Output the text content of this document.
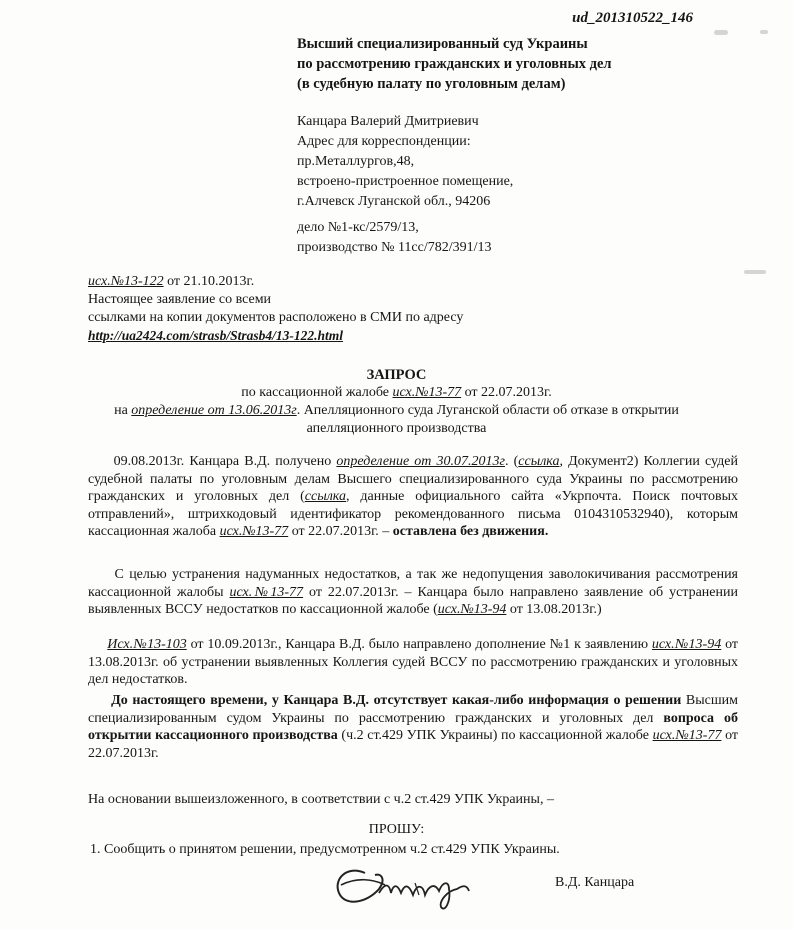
ud_201310522_146
Высший специализированный суд Украины
по рассмотрению гражданских и уголовных дел
(в судебную палату по уголовным делам)
Канцара Валерий Дмитриевич
Адрес для корреспонденции:
пр.Металлургов,48,
встроено-пристроенное помещение,
г.Алчевск Луганской обл., 94206
дело №1-кс/2579/13,
производство № 11сс/782/391/13
исх.№13-122 от 21.10.2013г.
Настоящее заявление со всеми
ссылками на копии документов расположено в СМИ по адресу
http://ua2424.com/strasb/Strasb4/13-122.html
ЗАПРОС
по кассационной жалобе исх.№13-77 от 22.07.2013г.
на определение от 13.06.2013г. Апелляционного суда Луганской области об отказе в открытии
апелляционного производства
09.08.2013г. Канцара В.Д. получено определение от 30.07.2013г. (ссылка, Документ2) Коллегии судей судебной палаты по уголовным делам Высшего специализированного суда Украины по рассмотрению гражданских и уголовных дел (ссылка, данные официального сайта «Укрпочта. Поиск почтовых отправлений», штрихкодовый идентификатор рекомендованного письма 0104310532940), которым кассационная жалоба исх.№13-77 от 22.07.2013г. – оставлена без движения.
С целью устранения надуманных недостатков, а так же недопущения заволокичивания рассмотрения кассационной жалобы исх.№13-77 от 22.07.2013г. – Канцара было направлено заявление об устранении выявленных ВССУ недостатков по кассационной жалобе (исх.№13-94 от 13.08.2013г.)
Исх.№13-103 от 10.09.2013г., Канцара В.Д. было направлено дополнение №1 к заявлению исх.№13-94 от 13.08.2013г. об устранении выявленных Коллегия судей ВССУ по рассмотрению гражданских и уголовных дел недостатков.
До настоящего времени, у Канцара В.Д. отсутствует какая-либо информация о решении Высшим специализированным судом Украины по рассмотрению гражданских и уголовных дел вопроса об открытии кассационного производства (ч.2 ст.429 УПК Украины) по кассационной жалобе исх.№13-77 от 22.07.2013г.
На основании вышеизложенного, в соответствии с ч.2 ст.429 УПК Украины, –
ПРОШУ:
1. Сообщить о принятом решении, предусмотренном ч.2 ст.429 УПК Украины.
В.Д. Канцара
